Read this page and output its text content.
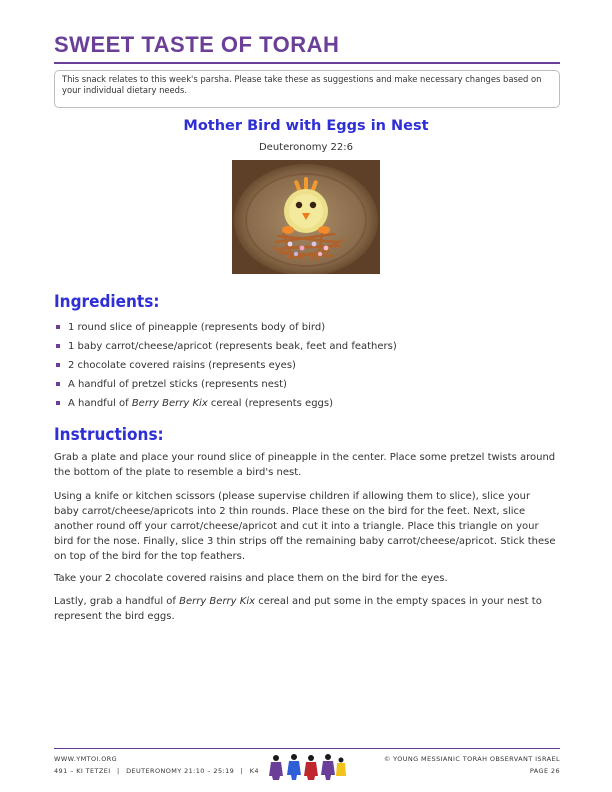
SWEET TASTE OF TORAH
This snack relates to this week's parsha. Please take these as suggestions and make necessary changes based on your individual dietary needs.
Mother Bird with Eggs in Nest
Deuteronomy 22:6
Ingredients:
1 round slice of pineapple (represents body of bird)
1 baby carrot/cheese/apricot (represents beak, feet and feathers)
2 chocolate covered raisins (represents eyes)
A handful of pretzel sticks (represents nest)
A handful of Berry Berry Kix cereal (represents eggs)
Instructions:

Grab a plate and place your round slice of pineapple in the center. Place some pretzel twists around the bottom of the plate to resemble a bird's nest.

Using a knife or kitchen scissors (please supervise children if allowing them to slice), slice your baby carrot/cheese/apricots into 2 thin rounds. Place these on the bird for the feet. Next, slice another round off your carrot/cheese/apricot and cut it into a triangle. Place this triangle on your bird for the nose. Finally, slice 3 thin strips off the remaining baby carrot/cheese/apricot. Stick these on top of the bird for the top feathers.

Take your 2 chocolate covered raisins and place them on the bird for the eyes.

Lastly, grab a handful of Berry Berry Kix cereal and put some in the empty spaces in your nest to represent the bird eggs.

WWW.YMTOI.ORG
491 – KI TETZEI | DEUTERONOMY 21:10 – 25:19 | K4
© YOUNG MESSIANIC TORAH OBSERVANT ISRAEL
PAGE 26
